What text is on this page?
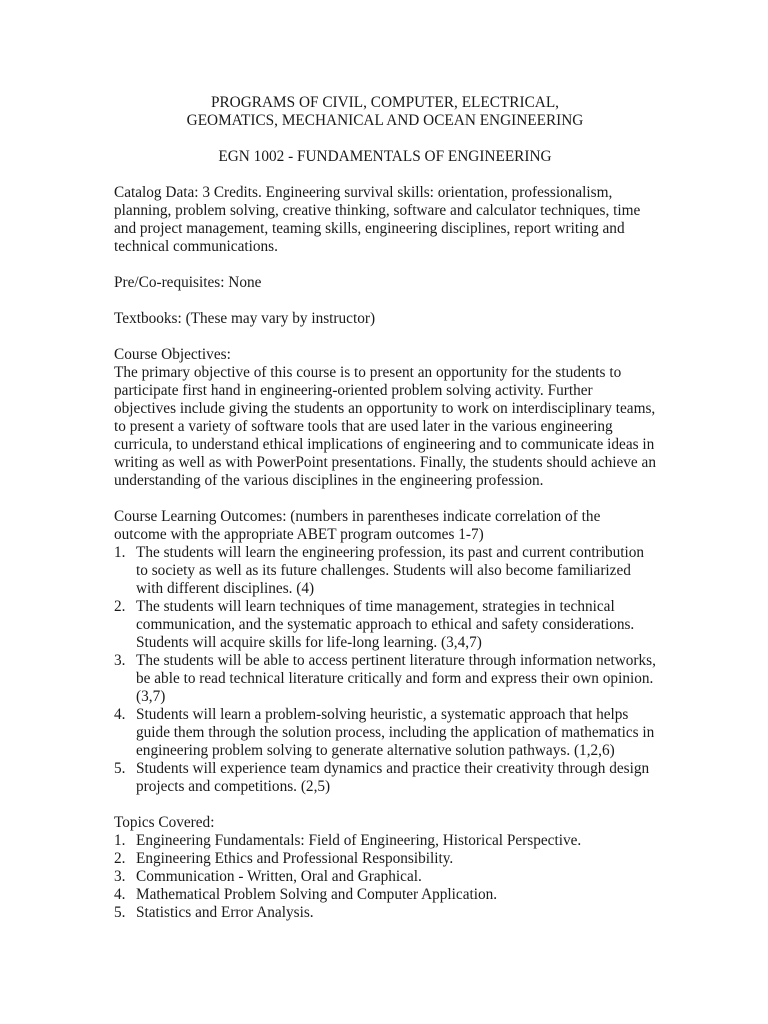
PROGRAMS OF CIVIL, COMPUTER, ELECTRICAL,
GEOMATICS, MECHANICAL AND OCEAN ENGINEERING
EGN 1002 - FUNDAMENTALS OF ENGINEERING

Catalog Data: 3 Credits. Engineering survival skills: orientation, professionalism, planning, problem solving, creative thinking, software and calculator techniques, time and project management, teaming skills, engineering disciplines, report writing and technical communications.

Pre/Co-requisites: None

Textbooks: (These may vary by instructor)

Course Objectives:

The primary objective of this course is to present an opportunity for the students to participate first hand in engineering-oriented problem solving activity. Further objectives include giving the students an opportunity to work on interdisciplinary teams, to present a variety of software tools that are used later in the various engineering curricula, to understand ethical implications of engineering and to communicate ideas in writing as well as with PowerPoint presentations. Finally, the students should achieve an understanding of the various disciplines in the engineering profession.

Course Learning Outcomes: (numbers in parentheses indicate correlation of the outcome with the appropriate ABET program outcomes 1-7)

1. The students will learn the engineering profession, its past and current contribution to society as well as its future challenges. Students will also become familiarized with different disciplines. (4)
2. The students will learn techniques of time management, strategies in technical communication, and the systematic approach to ethical and safety considerations. Students will acquire skills for life-long learning. (3,4,7)
3. The students will be able to access pertinent literature through information networks, be able to read technical literature critically and form and express their own opinion. (3,7)
4. Students will learn a problem-solving heuristic, a systematic approach that helps guide them through the solution process, including the application of mathematics in engineering problem solving to generate alternative solution pathways. (1,2,6)
5. Students will experience team dynamics and practice their creativity through design projects and competitions. (2,5)

Topics Covered:

1. Engineering Fundamentals: Field of Engineering, Historical Perspective.
2. Engineering Ethics and Professional Responsibility.
3. Communication - Written, Oral and Graphical.
4. Mathematical Problem Solving and Computer Application.
5. Statistics and Error Analysis.
